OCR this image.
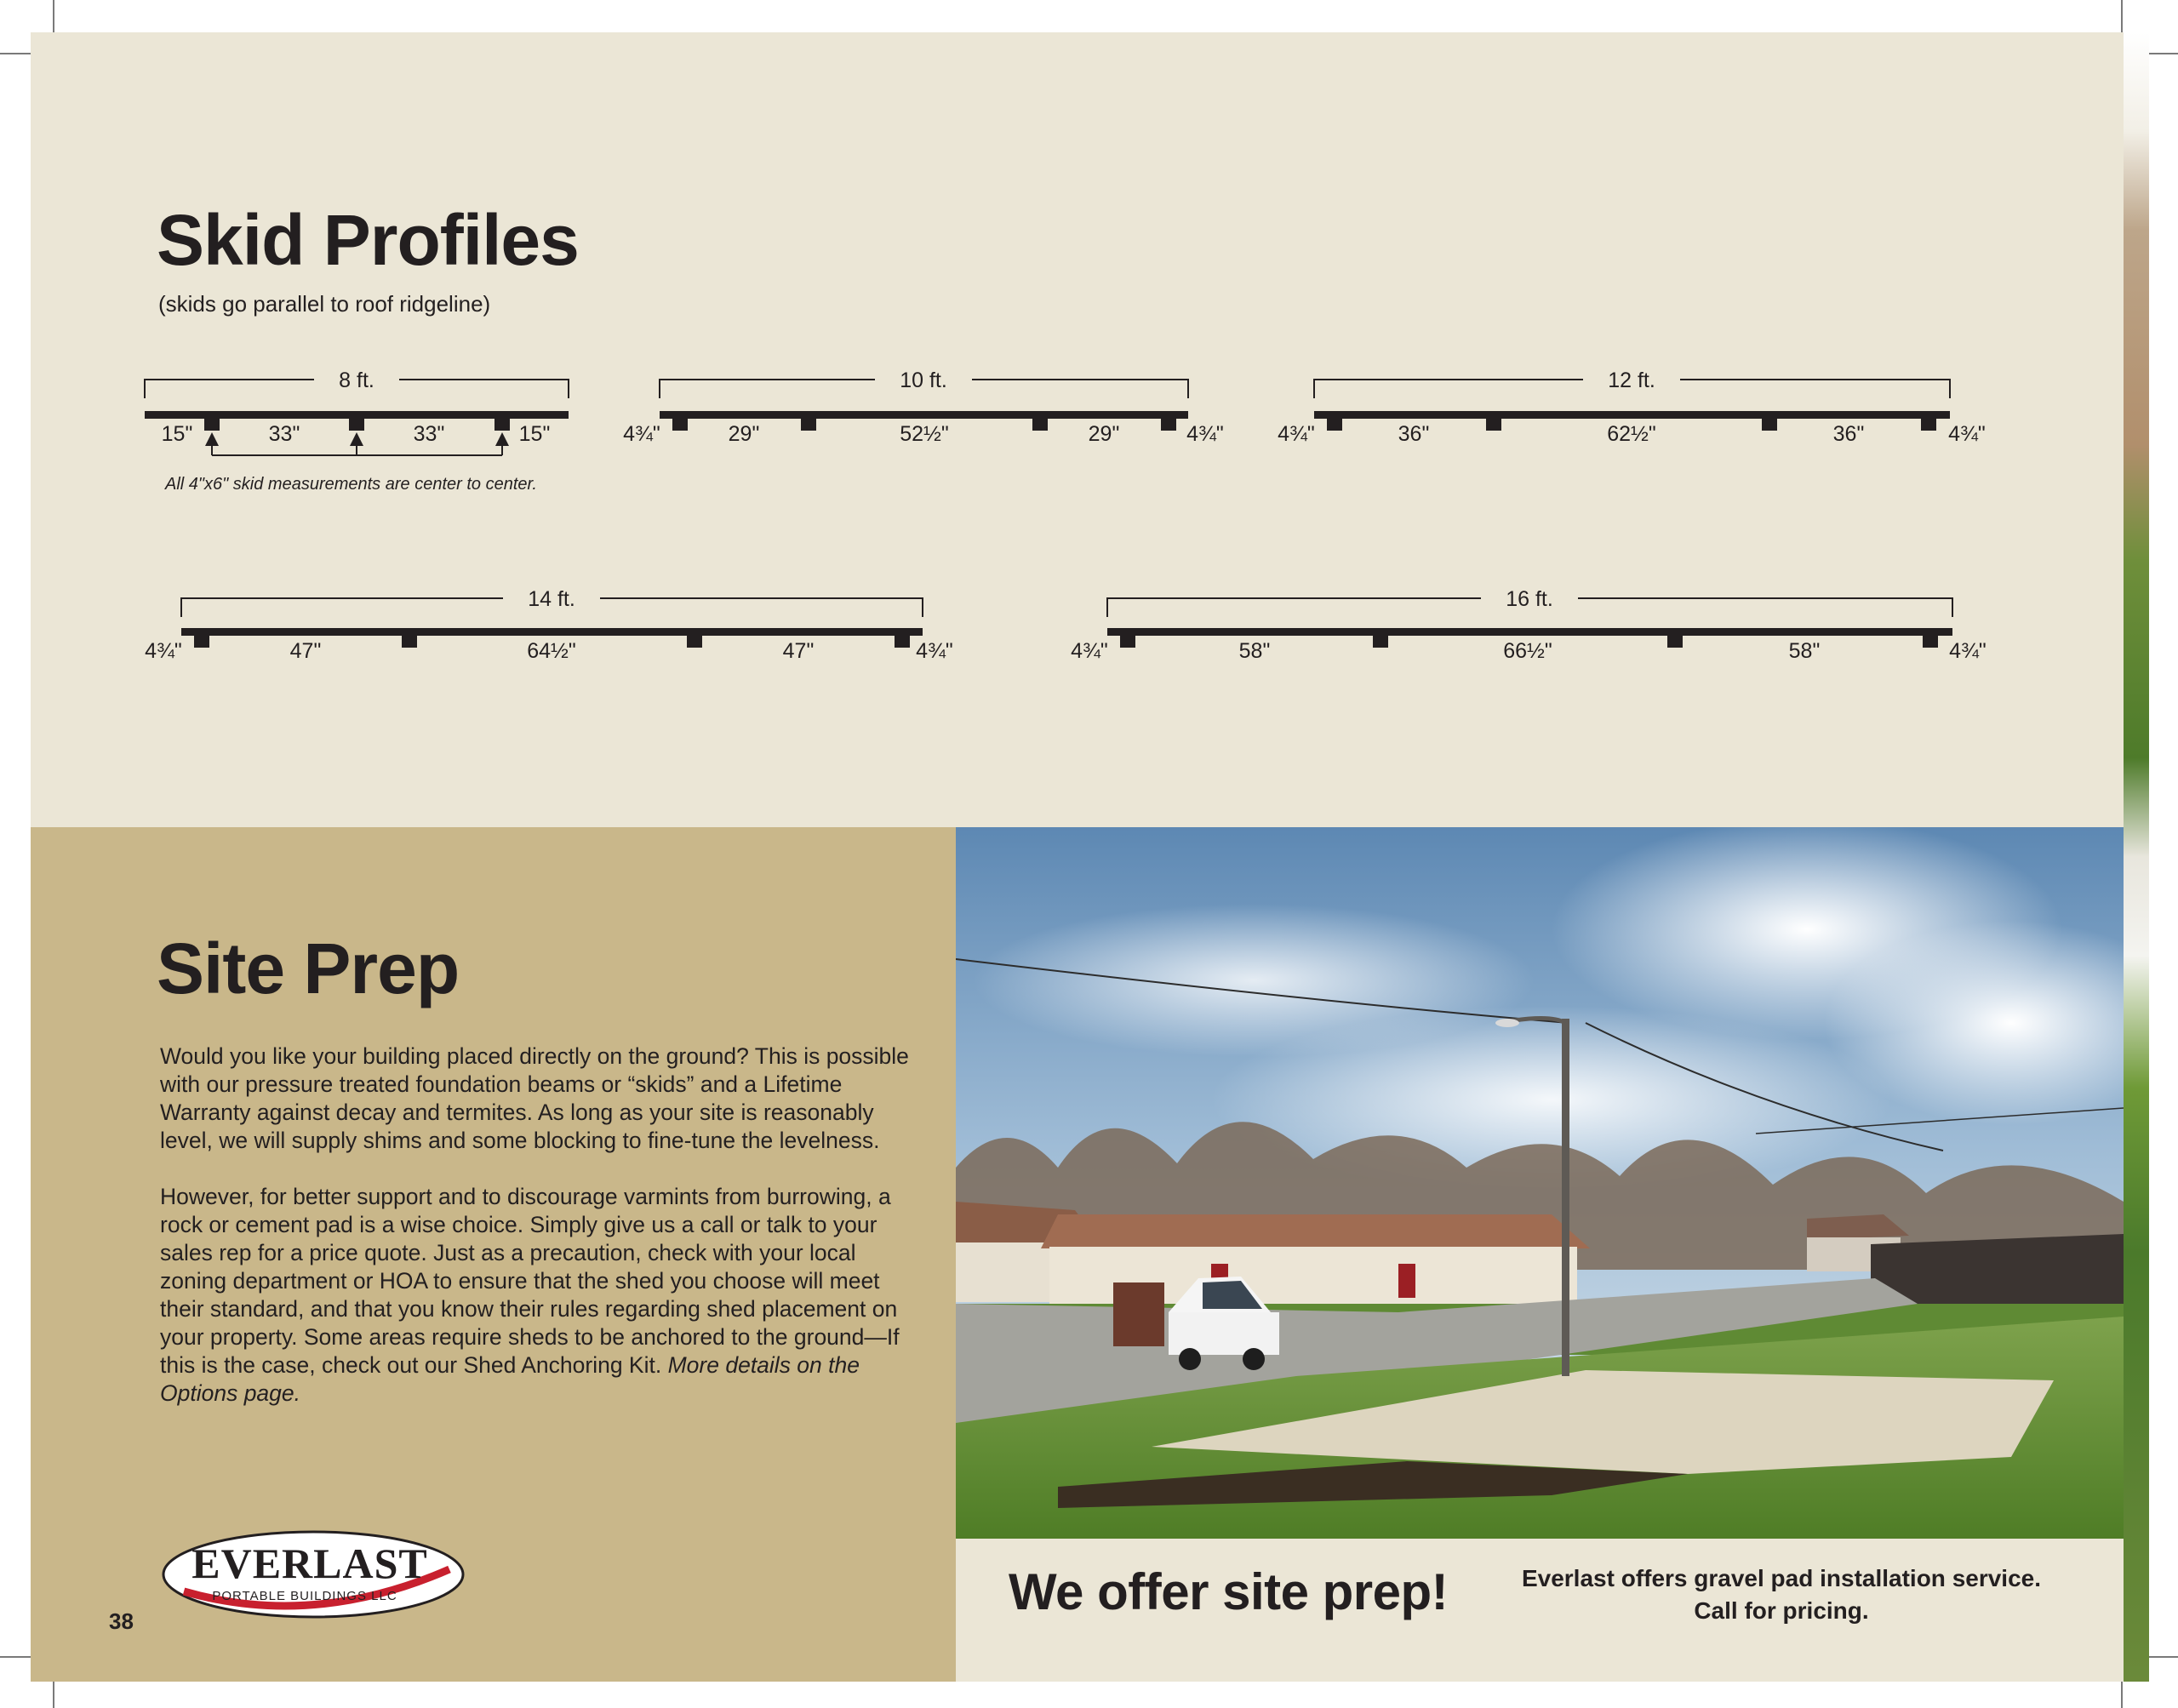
Skid Profiles
(skids go parallel to roof ridgeline)
All 4"x6" skid measurements are center to center.
8 ft.
15"	33"	33"	15"
10 ft.
4¾"	29"	52½"	29"	4¾"
12 ft.
4¾"	36"	62½"	36"	4¾"
14 ft.
4¾"	47"	64½"	47"	4¾"
16 ft.
4¾"	58"	66½"	58"	4¾"
Site Prep

Would you like your building placed directly on the ground? This is possible with our pressure treated foundation beams or “skids” and a Lifetime Warranty against decay and termites. As long as your site is reasonably level, we will supply shims and some blocking to fine-tune the levelness.

However, for better support and to discourage varmints from burrowing, a rock or cement pad is a wise choice. Simply give us a call or talk to your sales rep for a price quote. Just as a precaution, check with your local zoning department or HOA to ensure that the shed you choose will meet their standard, and that you know their rules regarding shed placement on your property. Some areas require sheds to be anchored to the ground—If this is the case, check out our Shed Anchoring Kit. More details on the Options page.

38
EVERLAST
PORTABLE BUILDINGS LLC	We offer site prep!	Everlast offers gravel pad installation service.
Call for pricing.
